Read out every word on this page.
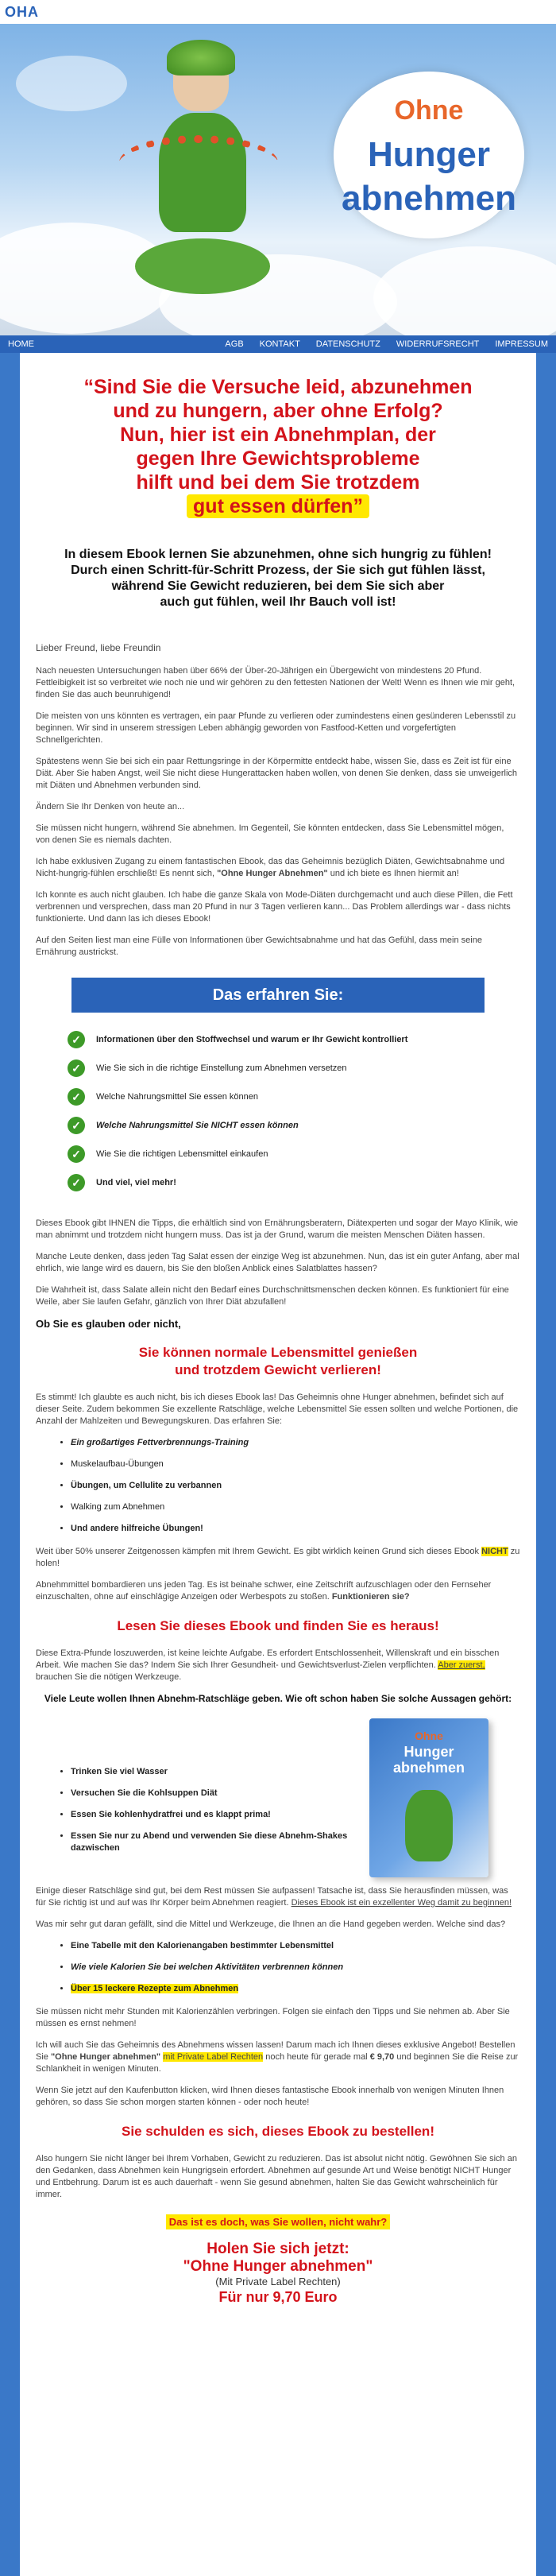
OHA
Ohne
Hunger
abnehmen
HOME	AGB	KONTAKT	DATENSCHUTZ	WIDERRUFSRECHT	IMPRESSUM
“Sind Sie die Versuche leid, abzunehmen
und zu hungern, aber ohne Erfolg?
Nun, hier ist ein Abnehmplan, der
gegen Ihre Gewichtsprobleme
hilft und bei dem Sie trotzdem
gut essen dürfen”
In diesem Ebook lernen Sie abzunehmen, ohne sich hungrig zu fühlen!
Durch einen Schritt-für-Schritt Prozess, der Sie sich gut fühlen lässt,
während Sie Gewicht reduzieren, bei dem Sie sich aber
auch gut fühlen, weil Ihr Bauch voll ist!

Lieber Freund, liebe Freundin

Nach neuesten Untersuchungen haben über 66% der Über-20-Jährigen ein Übergewicht von mindestens 20 Pfund. Fettleibigkeit ist so verbreitet wie noch nie und wir gehören zu den fettesten Nationen der Welt! Wenn es Ihnen wie mir geht, finden Sie das auch beunruhigend!

Die meisten von uns könnten es vertragen, ein paar Pfunde zu verlieren oder zumindestens einen gesünderen Lebensstil zu beginnen. Wir sind in unserem stressigen Leben abhängig geworden von Fastfood-Ketten und vorgefertigten Schnellgerichten.

Spätestens wenn Sie bei sich ein paar Rettungsringe in der Körpermitte entdeckt habe, wissen Sie, dass es Zeit ist für eine Diät. Aber Sie haben Angst, weil Sie nicht diese Hungerattacken haben wollen, von denen Sie denken, dass sie unweigerlich mit Diäten und Abnehmen verbunden sind.

Ändern Sie Ihr Denken von heute an...

Sie müssen nicht hungern, während Sie abnehmen. Im Gegenteil, Sie könnten entdecken, dass Sie Lebensmittel mögen, von denen Sie es niemals dachten.

Ich habe exklusiven Zugang zu einem fantastischen Ebook, das das Geheimnis bezüglich Diäten, Gewichtsabnahme und Nicht-hungrig-fühlen erschließt! Es nennt sich, "Ohne Hunger Abnehmen" und ich biete es Ihnen hiermit an!

Ich konnte es auch nicht glauben. Ich habe die ganze Skala von Mode-Diäten durchgemacht und auch diese Pillen, die Fett verbrennen und versprechen, dass man 20 Pfund in nur 3 Tagen verlieren kann... Das Problem allerdings war - dass nichts funktionierte. Und dann las ich dieses Ebook!

Auf den Seiten liest man eine Fülle von Informationen über Gewichtsabnahme und hat das Gefühl, dass mein seine Ernährung austrickst.

Das erfahren Sie:
✓	Informationen über den Stoffwechsel und warum er Ihr Gewicht kontrolliert
✓	Wie Sie sich in die richtige Einstellung zum Abnehmen versetzen
✓	Welche Nahrungsmittel Sie essen können
✓	Welche Nahrungsmittel Sie NICHT essen können
✓	Wie Sie die richtigen Lebensmittel einkaufen
✓	Und viel, viel mehr!

Dieses Ebook gibt IHNEN die Tipps, die erhältlich sind von Ernährungsberatern, Diätexperten und sogar der Mayo Klinik, wie man abnimmt und trotzdem nicht hungern muss. Das ist ja der Grund, warum die meisten Menschen Diäten hassen.

Manche Leute denken, dass jeden Tag Salat essen der einzige Weg ist abzunehmen. Nun, das ist ein guter Anfang, aber mal ehrlich, wie lange wird es dauern, bis Sie den bloßen Anblick eines Salatblattes hassen?

Die Wahrheit ist, dass Salate allein nicht den Bedarf eines Durchschnittsmenschen decken können. Es funktioniert für eine Weile, aber Sie laufen Gefahr, gänzlich von Ihrer Diät abzufallen!

Ob Sie es glauben oder nicht,
Sie können normale Lebensmittel genießen
und trotzdem Gewicht verlieren!

Es stimmt! Ich glaubte es auch nicht, bis ich dieses Ebook las! Das Geheimnis ohne Hunger abnehmen, befindet sich auf dieser Seite. Zudem bekommen Sie exzellente Ratschläge, welche Lebensmittel Sie essen sollten und welche Portionen, die Anzahl der Mahlzeiten und Bewegungskuren. Das erfahren Sie:

• Ein großartiges Fettverbrennungs-Training
• Muskelaufbau-Übungen
• Übungen, um Cellulite zu verbannen
• Walking zum Abnehmen
• Und andere hilfreiche Übungen!

Weit über 50% unserer Zeitgenossen kämpfen mit Ihrem Gewicht. Es gibt wirklich keinen Grund sich dieses Ebook NICHT zu holen!

Abnehmmittel bombardieren uns jeden Tag. Es ist beinahe schwer, eine Zeitschrift aufzuschlagen oder den Fernseher einzuschalten, ohne auf einschlägige Anzeigen oder Werbespots zu stoßen. Funktionieren sie?

Lesen Sie dieses Ebook und finden Sie es heraus!

Diese Extra-Pfunde loszuwerden, ist keine leichte Aufgabe. Es erfordert Entschlossenheit, Willenskraft und ein bisschen Arbeit. Wie machen Sie das? Indem Sie sich Ihrer Gesundheit- und Gewichtsverlust-Zielen verpflichten. Aber zuerst, brauchen Sie die nötigen Werkzeuge.

Viele Leute wollen Ihnen Abnehm-Ratschläge geben. Wie oft schon haben Sie solche Aussagen gehört:
• Trinken Sie viel Wasser
• Versuchen Sie die Kohlsuppen Diät
• Essen Sie kohlenhydratfrei und es klappt prima!
• Essen Sie nur zu Abend und verwenden Sie diese Abnehm-Shakes dazwischen
Ohne
Hunger abnehmen

Einige dieser Ratschläge sind gut, bei dem Rest müssen Sie aufpassen! Tatsache ist, dass Sie herausfinden müssen, was für Sie richtig ist und auf was Ihr Körper beim Abnehmen reagiert. Dieses Ebook ist ein exzellenter Weg damit zu beginnen!

Was mir sehr gut daran gefällt, sind die Mittel und Werkzeuge, die Ihnen an die Hand gegeben werden. Welche sind das?

• Eine Tabelle mit den Kalorienangaben bestimmter Lebensmittel
• Wie viele Kalorien Sie bei welchen Aktivitäten verbrennen können
• Über 15 leckere Rezepte zum Abnehmen

Sie müssen nicht mehr Stunden mit Kalorienzählen verbringen. Folgen sie einfach den Tipps und Sie nehmen ab. Aber Sie müssen es ernst nehmen!

Ich will auch Sie das Geheimnis des Abnehmens wissen lassen! Darum mach ich Ihnen dieses exklusive Angebot! Bestellen Sie "Ohne Hunger abnehmen" mit Private Label Rechten noch heute für gerade mal € 9,70 und beginnen Sie die Reise zur Schlankheit in wenigen Minuten.

Wenn Sie jetzt auf den Kaufenbutton klicken, wird Ihnen dieses fantastische Ebook innerhalb von wenigen Minuten Ihnen gehören, so dass Sie schon morgen starten können - oder noch heute!

Sie schulden es sich, dieses Ebook zu bestellen!

Also hungern Sie nicht länger bei Ihrem Vorhaben, Gewicht zu reduzieren. Das ist absolut nicht nötig. Gewöhnen Sie sich an den Gedanken, dass Abnehmen kein Hungrigsein erfordert. Abnehmen auf gesunde Art und Weise benötigt NICHT Hunger und Entbehrung. Darum ist es auch dauerhaft - wenn Sie gesund abnehmen, halten Sie das Gewicht wahrscheinlich für immer.

Das ist es doch, was Sie wollen, nicht wahr?
Holen Sie sich jetzt:
"Ohne Hunger abnehmen"
(Mit Private Label Rechten)
Für nur 9,70 Euro
